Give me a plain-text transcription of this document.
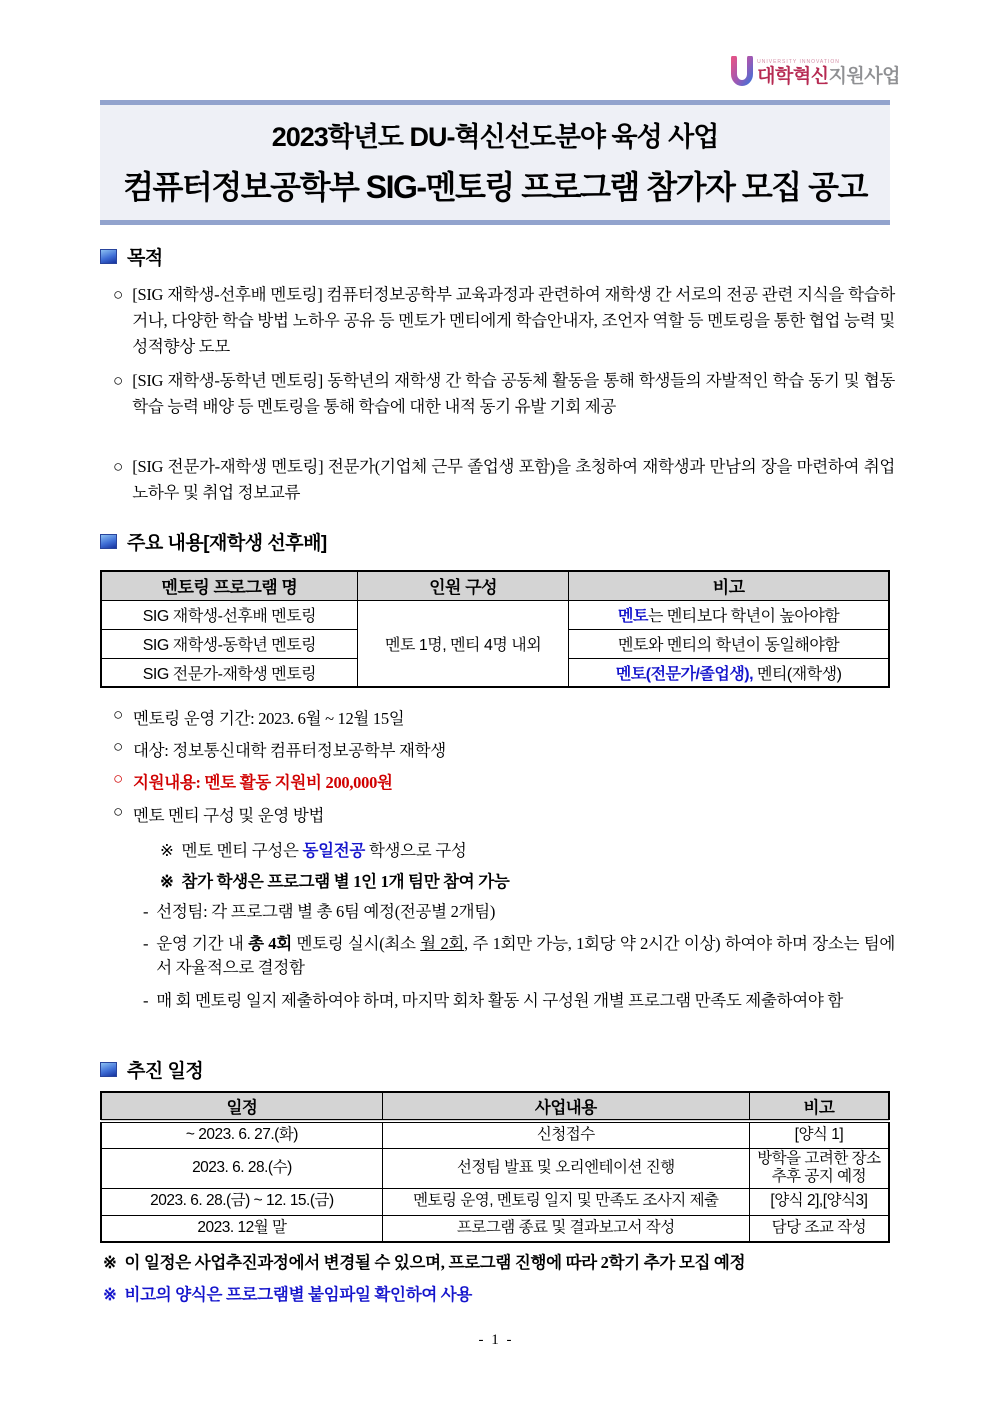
UNIVERSITY INNOVATION
대학혁신지원사업
2023학년도 DU-혁신선도분야 육성 사업
컴퓨터정보공학부 SIG-멘토링 프로그램 참가자 모집 공고
목적
○ [SIG 재학생-선후배 멘토링] 컴퓨터정보공학부 교육과정과 관련하여 재학생 간 서로의 전공 관련 지식을 학습하거나, 다양한 학습 방법 노하우 공유 등 멘토가 멘티에게 학습안내자, 조언자 역할 등 멘토링을 통한 협업 능력 및 성적향상 도모
○ [SIG 재학생-동학년 멘토링] 동학년의 재학생 간 학습 공동체 활동을 통해 학생들의 자발적인 학습 동기 및 협동 학습 능력 배양 등 멘토링을 통해 학습에 대한 내적 동기 유발 기회 제공
○ [SIG 전문가-재학생 멘토링] 전문가(기업체 근무 졸업생 포함)을 초청하여 재학생과 만남의 장을 마련하여 취업 노하우 및 취업 정보교류
주요 내용[재학생 선후배]
멘토링 프로그램 명	인원 구성	비고
SIG 재학생-선후배 멘토링	멘토 1명, 멘티 4명 내외	멘토는 멘티보다 학년이 높아야함
SIG 재학생-동학년 멘토링		멘토와 멘티의 학년이 동일해야함
SIG 전문가-재학생 멘토링		멘토(전문가/졸업생), 멘티(재학생)
○ 멘토링 운영 기간: 2023. 6월 ~ 12월 15일
○ 대상: 정보통신대학 컴퓨터정보공학부 재학생
○ 지원내용: 멘토 활동 지원비 200,000원
○ 멘토 멘티 구성 및 운영 방법
※ 멘토 멘티 구성은 동일전공 학생으로 구성
※ 참가 학생은 프로그램 별 1인 1개 팀만 참여 가능
- 선정팀: 각 프로그램 별 총 6팀 예정(전공별 2개팀)
- 운영 기간 내 총 4회 멘토링 실시(최소 월 2회, 주 1회만 가능, 1회당 약 2시간 이상) 하여야 하며 장소는 팀에서 자율적으로 결정함
- 매 회 멘토링 일지 제출하여야 하며, 마지막 회차 활동 시 구성원 개별 프로그램 만족도 제출하여야 함
추진 일정
일정	사업내용	비고
~ 2023. 6. 27.(화)	신청접수	[양식 1]
2023. 6. 28.(수)	선정팀 발표 및 오리엔테이션 진행	방학을 고려한 장소 추후 공지 예정
2023. 6. 28.(금) ~ 12. 15.(금)	멘토링 운영, 멘토링 일지 및 만족도 조사지 제출	[양식 2],[양식3]
2023. 12월 말	프로그램 종료 및 결과보고서 작성	담당 조교 작성
※ 이 일정은 사업추진과정에서 변경될 수 있으며, 프로그램 진행에 따라 2학기 추가 모집 예정
※ 비고의 양식은 프로그램별 붙임파일 확인하여 사용
- 1 -
